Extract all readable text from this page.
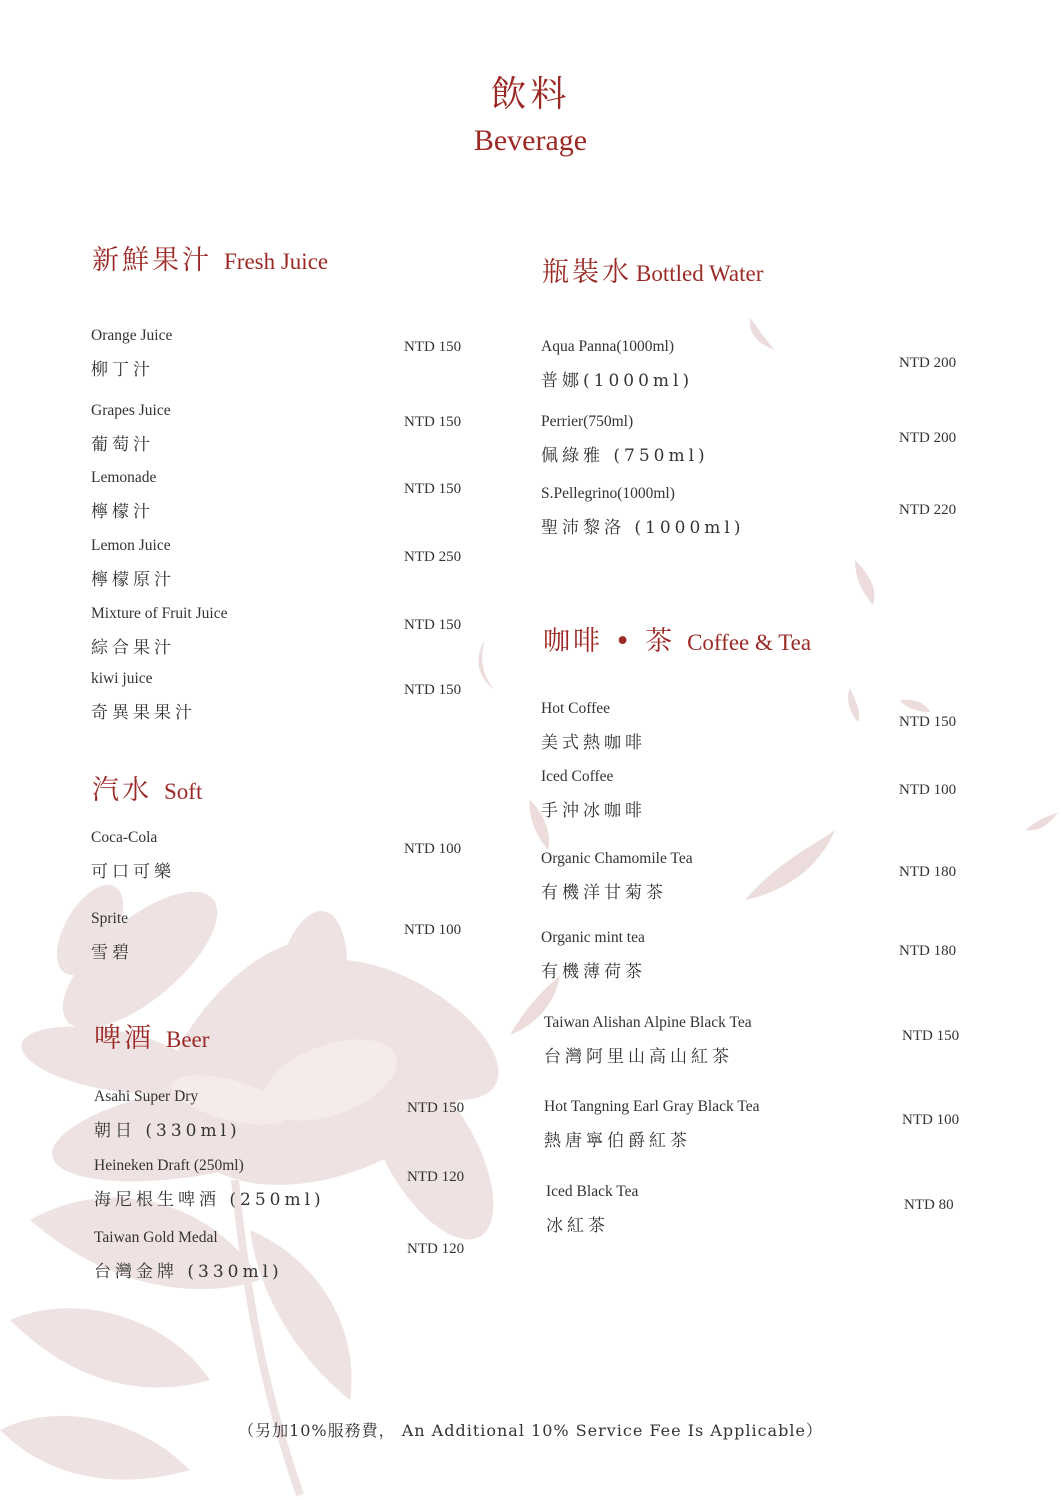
飲料
Beverage
新鮮果汁 Fresh Juice
Orange Juice
柳丁汁
NTD 150
Grapes Juice
葡萄汁
NTD 150
Lemonade
檸檬汁
NTD 150
Lemon Juice
檸檬原汁
NTD 250
Mixture of Fruit Juice
綜合果汁
NTD 150
kiwi juice
奇異果果汁
NTD 150
汽水 Soft
Coca-Cola
可口可樂
NTD 100
Sprite
雪碧
NTD 100
啤酒 Beer
Asahi Super Dry
朝日 (330ml)
NTD 150
Heineken Draft (250ml)
海尼根生啤酒 (250ml)
NTD 120
Taiwan Gold Medal
台灣金牌 (330ml)
NTD 120
瓶裝水 Bottled Water
Aqua Panna(1000ml)
普娜(1000ml)
NTD 200
Perrier(750ml)
佩綠雅 (750ml)
NTD 200
S.Pellegrino(1000ml)
聖沛黎洛 (1000ml)
NTD 220
咖啡 • 茶 Coffee & Tea
Hot Coffee
美式熱咖啡
NTD 150
Iced Coffee
手沖冰咖啡
NTD 100
Organic Chamomile Tea
有機洋甘菊茶
NTD 180
Organic mint tea
有機薄荷茶
NTD 180
Taiwan Alishan Alpine Black Tea
台灣阿里山高山紅茶
NTD 150
Hot Tangning Earl Gray Black Tea
熱唐寧伯爵紅茶
NTD 100
Iced Black Tea
冰紅茶
NTD 80
（另加10%服務費， An Additional 10% Service Fee Is Applicable）
